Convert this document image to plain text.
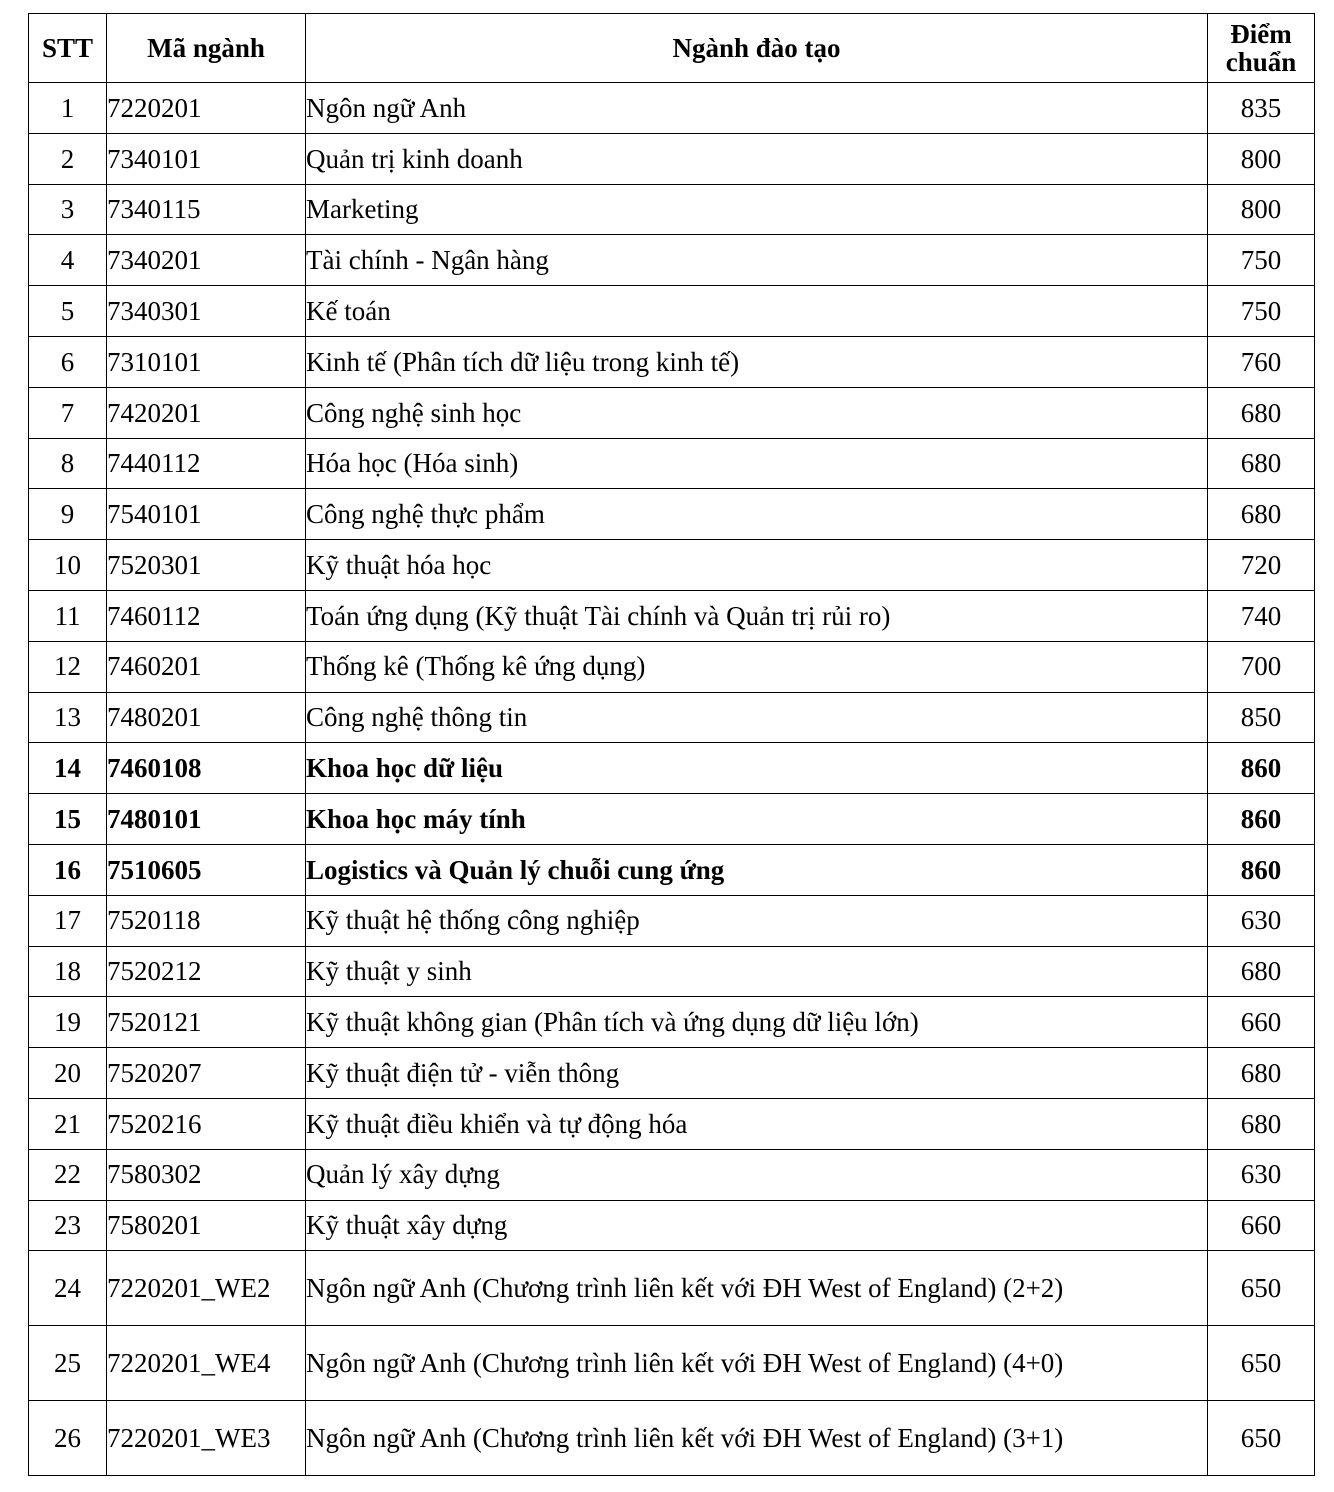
STT	Mã ngành	Ngành đào tạo	Điểm
chuẩn
1	7220201	Ngôn ngữ Anh	835
2	7340101	Quản trị kinh doanh	800
3	7340115	Marketing	800
4	7340201	Tài chính - Ngân hàng	750
5	7340301	Kế toán	750
6	7310101	Kinh tế (Phân tích dữ liệu trong kinh tế)	760
7	7420201	Công nghệ sinh học	680
8	7440112	Hóa học (Hóa sinh)	680
9	7540101	Công nghệ thực phẩm	680
10	7520301	Kỹ thuật hóa học	720
11	7460112	Toán ứng dụng (Kỹ thuật Tài chính và Quản trị rủi ro)	740
12	7460201	Thống kê (Thống kê ứng dụng)	700
13	7480201	Công nghệ thông tin	850
14	7460108	Khoa học dữ liệu	860
15	7480101	Khoa học máy tính	860
16	7510605	Logistics và Quản lý chuỗi cung ứng	860
17	7520118	Kỹ thuật hệ thống công nghiệp	630
18	7520212	Kỹ thuật y sinh	680
19	7520121	Kỹ thuật không gian (Phân tích và ứng dụng dữ liệu lớn)	660
20	7520207	Kỹ thuật điện tử - viễn thông	680
21	7520216	Kỹ thuật điều khiển và tự động hóa	680
22	7580302	Quản lý xây dựng	630
23	7580201	Kỹ thuật xây dựng	660
24	7220201_WE2	Ngôn ngữ Anh (Chương trình liên kết với ĐH West of England) (2+2)	650
25	7220201_WE4	Ngôn ngữ Anh (Chương trình liên kết với ĐH West of England) (4+0)	650
26	7220201_WE3	Ngôn ngữ Anh (Chương trình liên kết với ĐH West of England) (3+1)	650
